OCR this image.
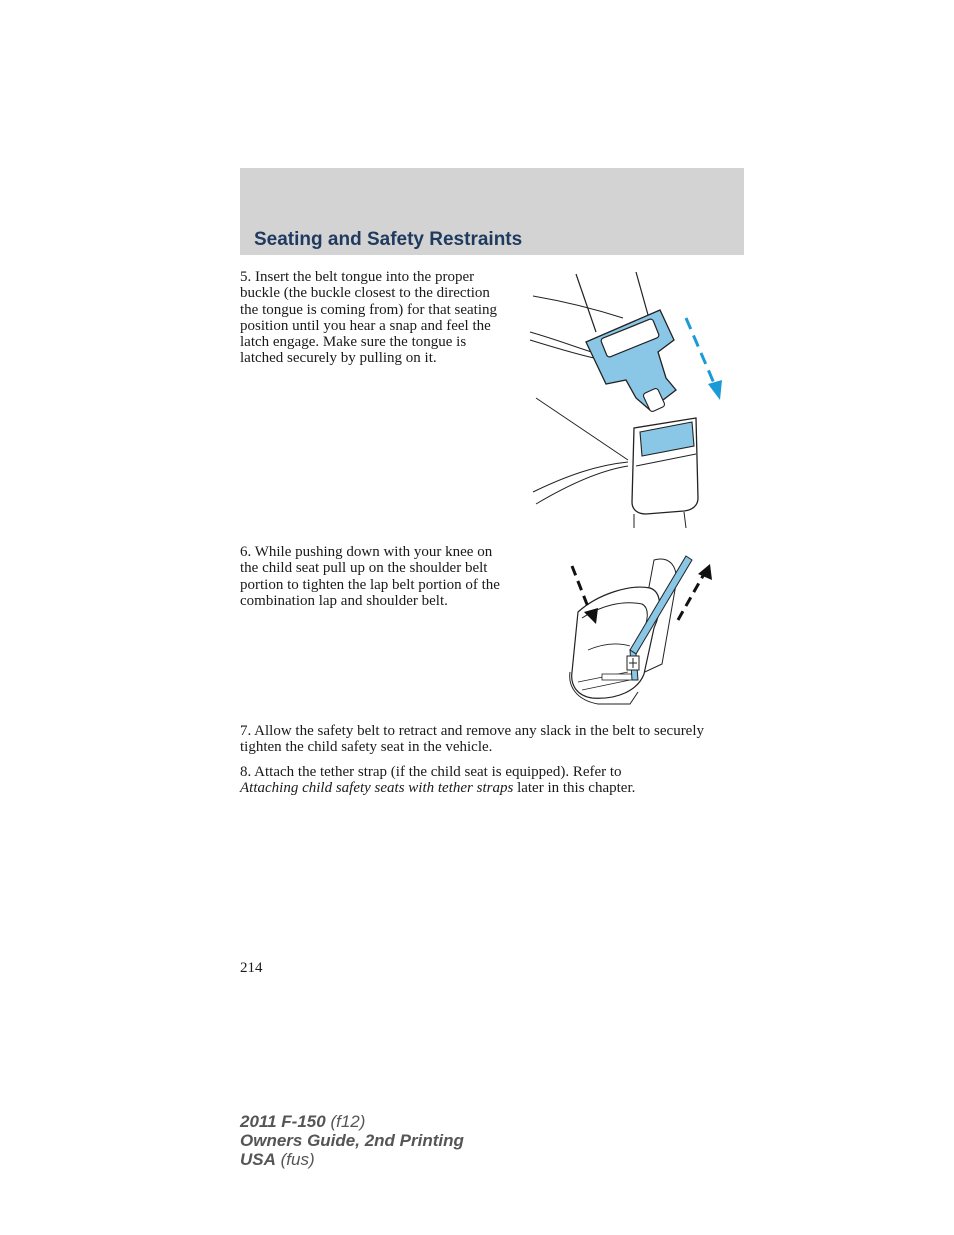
Seating and Safety Restraints

5. Insert the belt tongue into the proper buckle (the buckle closest to the direction the tongue is coming from) for that seating position until you hear a snap and feel the latch engage. Make sure the tongue is latched securely by pulling on it.

6. While pushing down with your knee on the child seat pull up on the shoulder belt portion to tighten the lap belt portion of the combination lap and shoulder belt.

7. Allow the safety belt to retract and remove any slack in the belt to securely tighten the child safety seat in the vehicle.

8. Attach the tether strap (if the child seat is equipped). Refer to
Attaching child safety seats with tether straps later in this chapter.

214
2011 F-150 (f12)
Owners Guide, 2nd Printing
USA (fus)
